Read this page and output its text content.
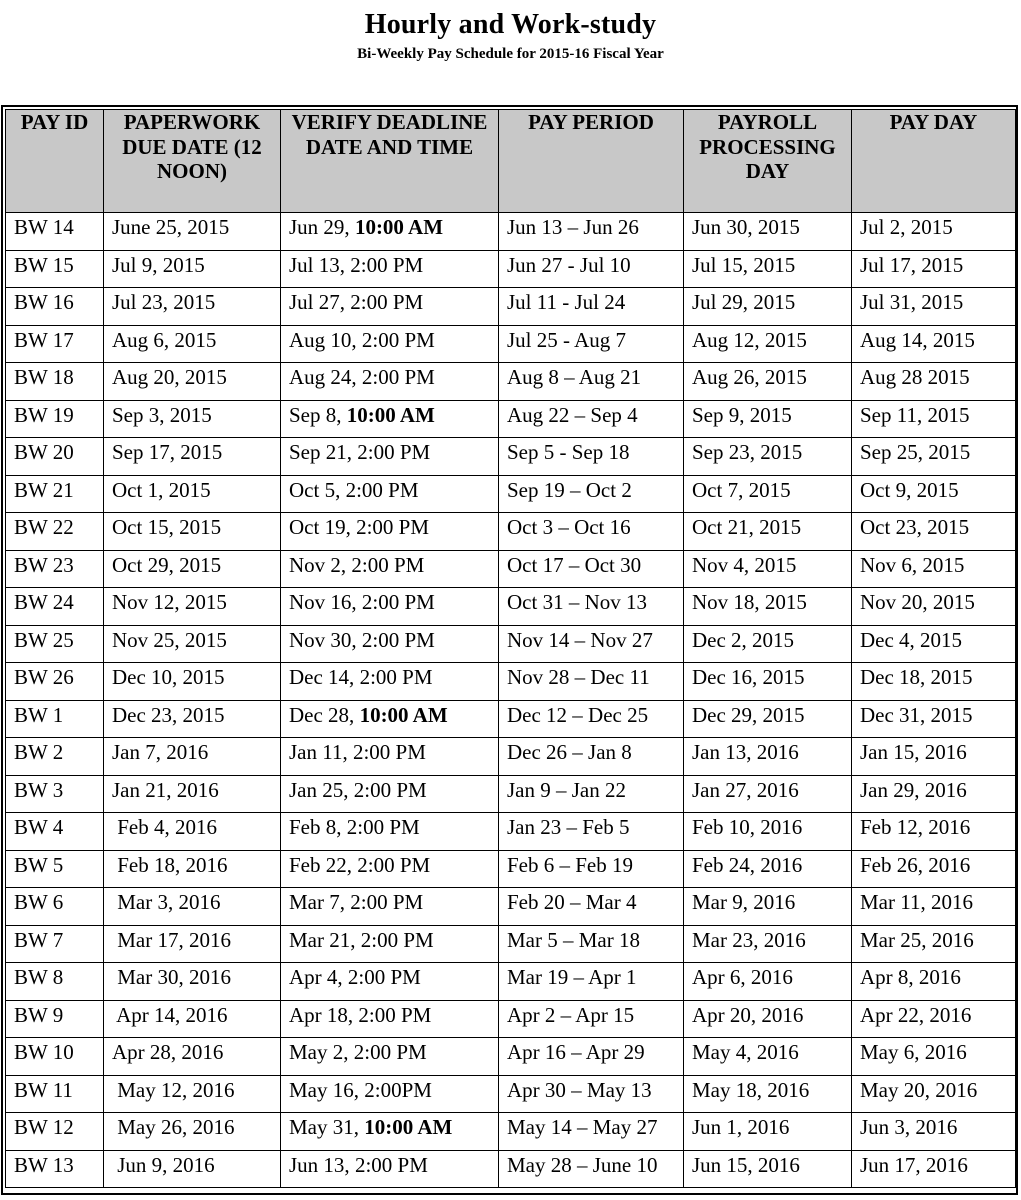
Hourly and Work-study
Bi-Weekly Pay Schedule for 2015-16 Fiscal Year
PAY ID	PAPERWORK DUE DATE (12 NOON)	VERIFY DEADLINE DATE AND TIME	PAY PERIOD	PAYROLL PROCESSING DAY	PAY DAY
BW 14	June 25, 2015	Jun 29, 10:00 AM	Jun 13 – Jun 26	Jun 30, 2015	Jul 2, 2015
BW 15	Jul 9, 2015	Jul 13, 2:00 PM	Jun 27 - Jul 10	Jul 15, 2015	Jul 17, 2015
BW 16	Jul 23, 2015	Jul 27, 2:00 PM	Jul 11 - Jul 24	Jul 29, 2015	Jul 31, 2015
BW 17	Aug 6, 2015	Aug 10, 2:00 PM	Jul 25 - Aug 7	Aug 12, 2015	Aug 14, 2015
BW 18	Aug 20, 2015	Aug 24, 2:00 PM	Aug 8 – Aug 21	Aug 26, 2015	Aug 28 2015
BW 19	Sep 3, 2015	Sep 8, 10:00 AM	Aug 22 – Sep 4	Sep 9, 2015	Sep 11, 2015
BW 20	Sep 17, 2015	Sep 21, 2:00 PM	Sep 5 - Sep 18	Sep 23, 2015	Sep 25, 2015
BW 21	Oct 1, 2015	Oct 5, 2:00 PM	Sep 19 – Oct 2	Oct 7, 2015	Oct 9, 2015
BW 22	Oct 15, 2015	Oct 19, 2:00 PM	Oct 3 – Oct 16	Oct 21, 2015	Oct 23, 2015
BW 23	Oct 29, 2015	Nov 2, 2:00 PM	Oct 17 – Oct 30	Nov 4, 2015	Nov 6, 2015
BW 24	Nov 12, 2015	Nov 16, 2:00 PM	Oct 31 – Nov 13	Nov 18, 2015	Nov 20, 2015
BW 25	Nov 25, 2015	Nov 30, 2:00 PM	Nov 14 – Nov 27	Dec 2, 2015	Dec 4, 2015
BW 26	Dec 10, 2015	Dec 14, 2:00 PM	Nov 28 – Dec 11	Dec 16, 2015	Dec 18, 2015
BW 1	Dec 23, 2015	Dec 28, 10:00 AM	Dec 12 – Dec 25	Dec 29, 2015	Dec 31, 2015
BW 2	Jan 7, 2016	Jan 11, 2:00 PM	Dec 26 – Jan 8	Jan 13, 2016	Jan 15, 2016
BW 3	Jan 21, 2016	Jan 25, 2:00 PM	Jan 9 – Jan 22	Jan 27, 2016	Jan 29, 2016
BW 4	Feb 4, 2016	Feb 8, 2:00 PM	Jan 23 – Feb 5	Feb 10, 2016	Feb 12, 2016
BW 5	Feb 18, 2016	Feb 22, 2:00 PM	Feb 6 – Feb 19	Feb 24, 2016	Feb 26, 2016
BW 6	Mar 3, 2016	Mar 7, 2:00 PM	Feb 20 – Mar 4	Mar 9, 2016	Mar 11, 2016
BW 7	Mar 17, 2016	Mar 21, 2:00 PM	Mar 5 – Mar 18	Mar 23, 2016	Mar 25, 2016
BW 8	Mar 30, 2016	Apr 4, 2:00 PM	Mar 19 – Apr 1	Apr 6, 2016	Apr 8, 2016
BW 9	Apr 14, 2016	Apr 18, 2:00 PM	Apr 2 – Apr 15	Apr 20, 2016	Apr 22, 2016
BW 10	Apr 28, 2016	May 2, 2:00 PM	Apr 16 – Apr 29	May 4, 2016	May 6, 2016
BW 11	May 12, 2016	May 16, 2:00PM	Apr 30 – May 13	May 18, 2016	May 20, 2016
BW 12	May 26, 2016	May 31, 10:00 AM	May 14 – May 27	Jun 1, 2016	Jun 3, 2016
BW 13	Jun 9, 2016	Jun 13, 2:00 PM	May 28 – June 10	Jun 15, 2016	Jun 17, 2016
